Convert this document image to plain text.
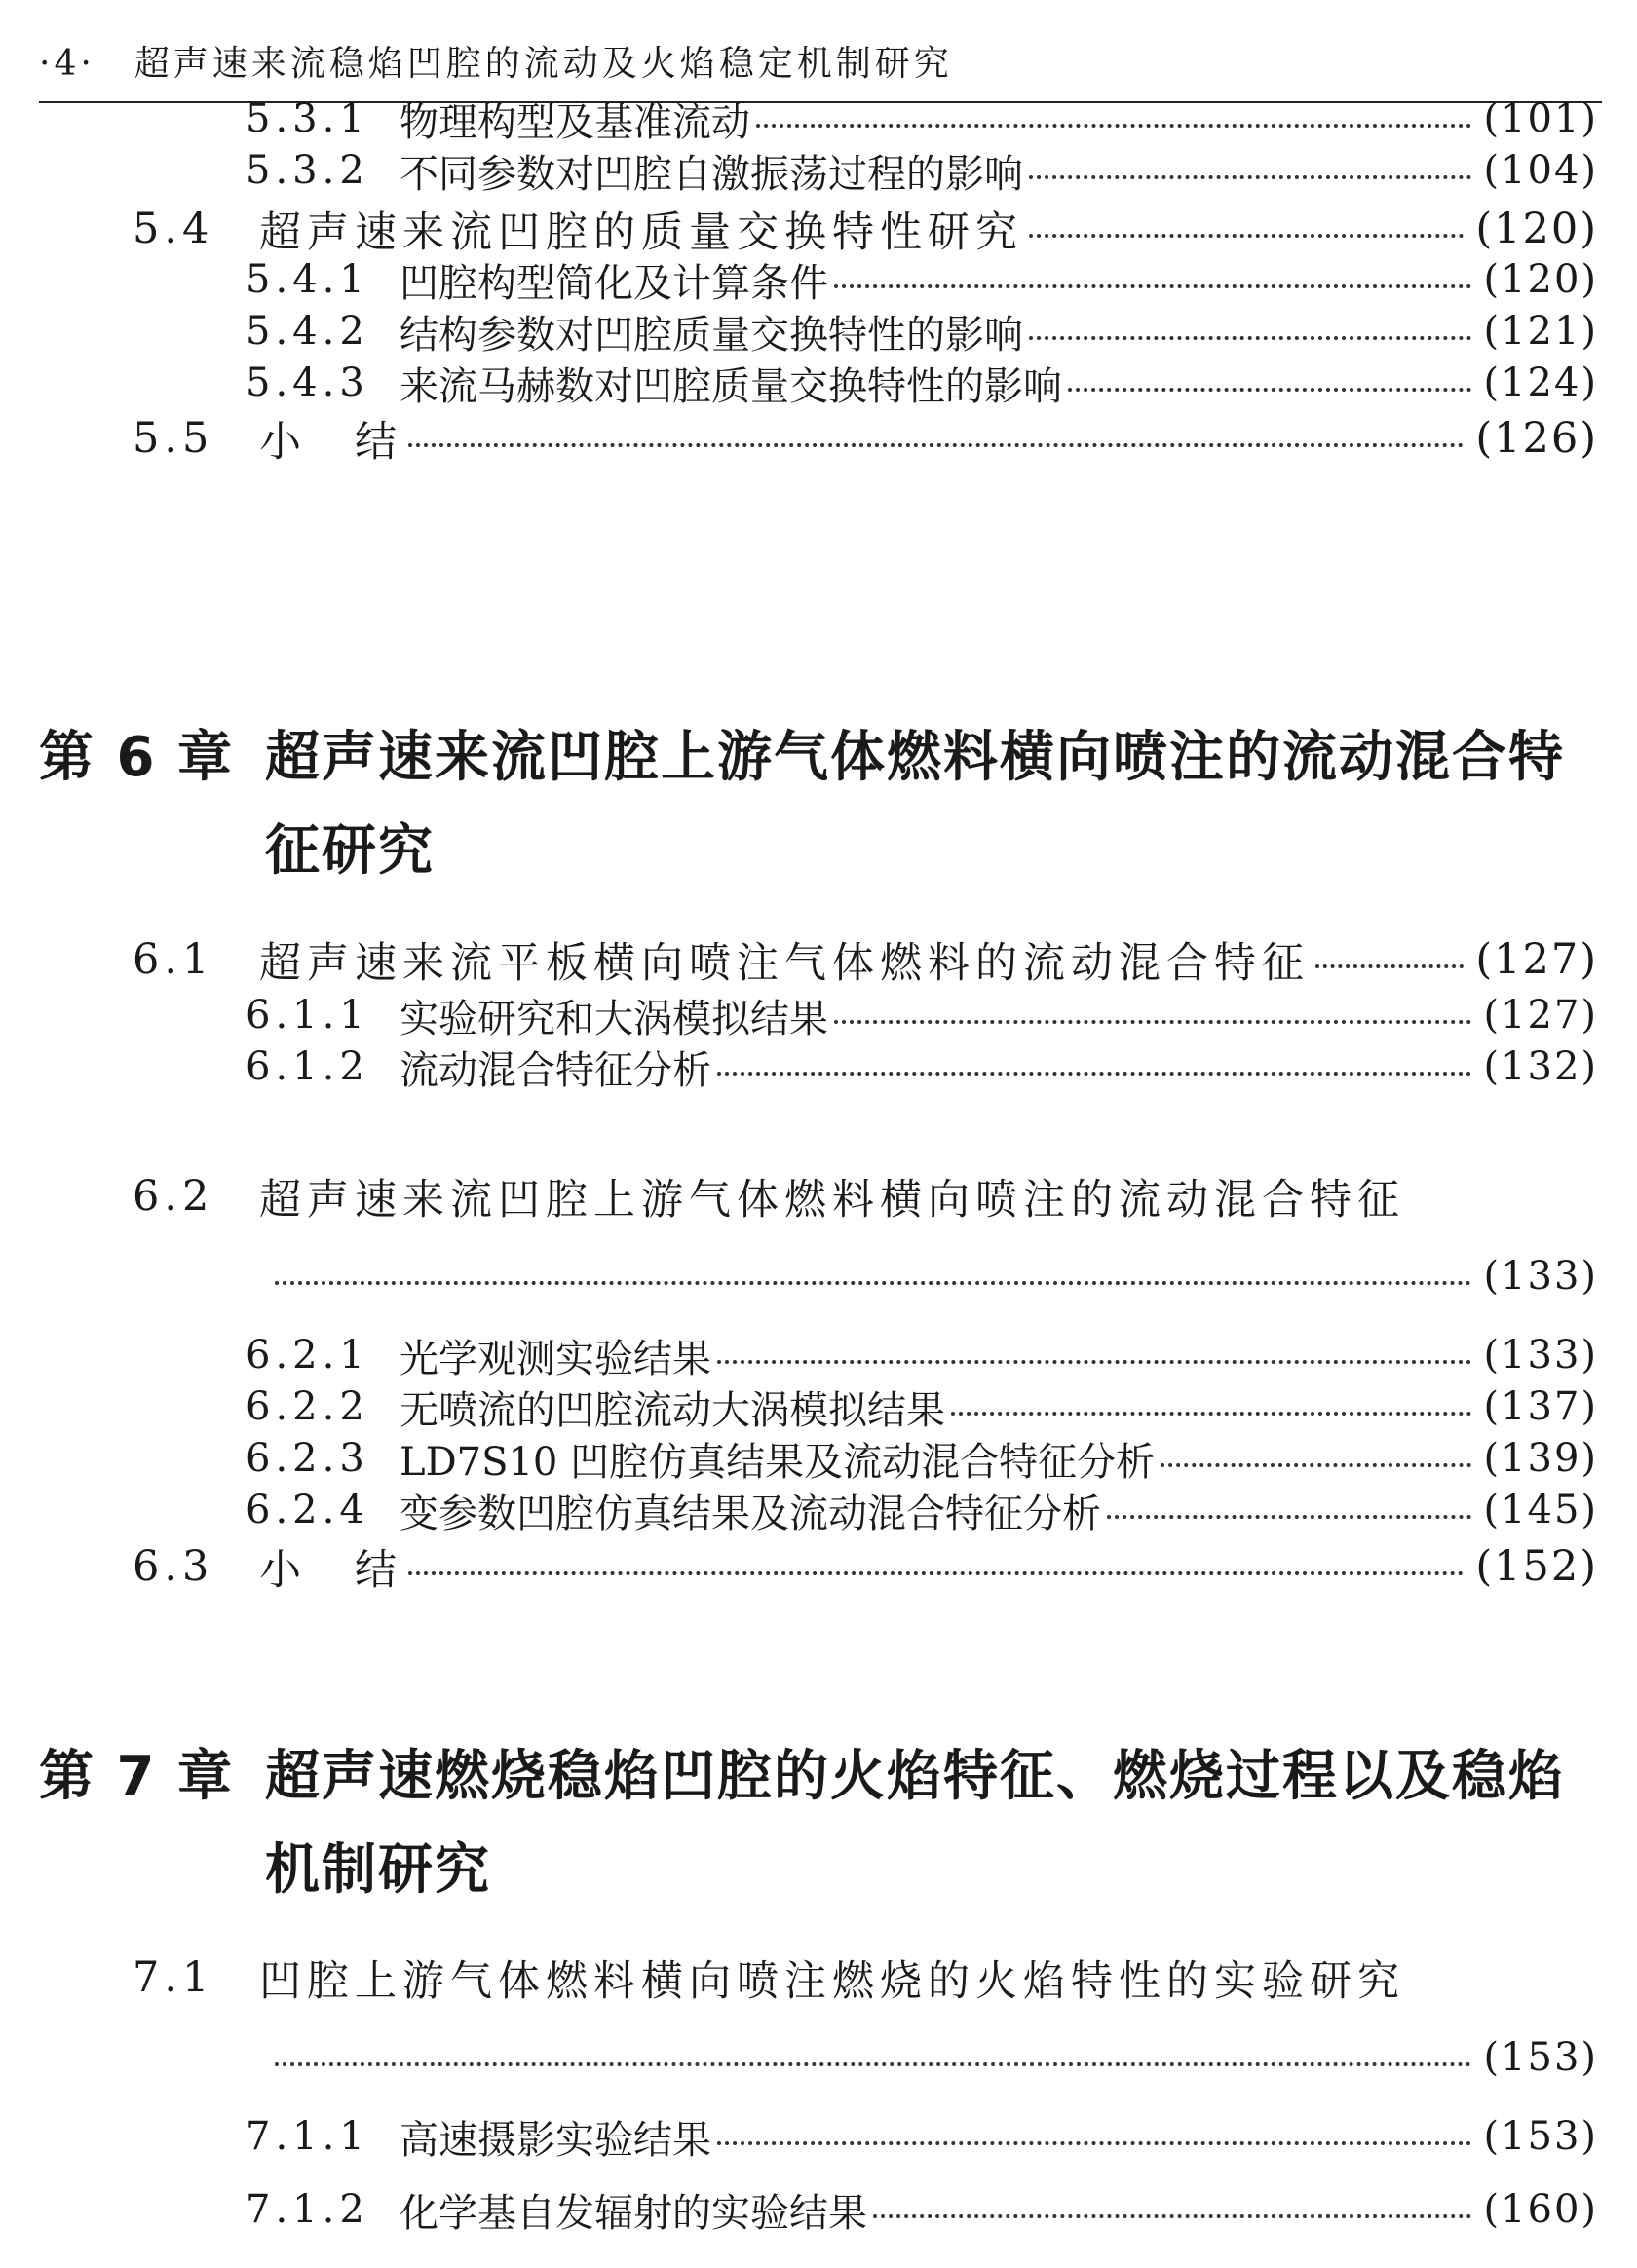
·4· 超声速来流稳焰凹腔的流动及火焰稳定机制研究
5.3.1 物理构型及基准流动	(101)
5.3.2 不同参数对凹腔自激振荡过程的影响	(104)
5.4	超声速来流凹腔的质量交换特性研究	(120)
5.4.1 凹腔构型简化及计算条件	(120)
5.4.2 结构参数对凹腔质量交换特性的影响	(121)
5.4.3 来流马赫数对凹腔质量交换特性的影响	(124)
5.5	小　结	(126)
第 6 章 超声速来流凹腔上游气体燃料横向喷注的流动混合特征研究
6.1	超声速来流平板横向喷注气体燃料的流动混合特征	(127)
6.1.1 实验研究和大涡模拟结果	(127)
6.1.2 流动混合特征分析	(132)
6.2	超声速来流凹腔上游气体燃料横向喷注的流动混合特征
(133)
6.2.1 光学观测实验结果	(133)
6.2.2 无喷流的凹腔流动大涡模拟结果	(137)
6.2.3 LD7S10 凹腔仿真结果及流动混合特征分析	(139)
6.2.4 变参数凹腔仿真结果及流动混合特征分析	(145)
6.3	小　结	(152)
第 7 章 超声速燃烧稳焰凹腔的火焰特征、燃烧过程以及稳焰机制研究
7.1	凹腔上游气体燃料横向喷注燃烧的火焰特性的实验研究
(153)
7.1.1 高速摄影实验结果	(153)
7.1.2 化学基自发辐射的实验结果	(160)
